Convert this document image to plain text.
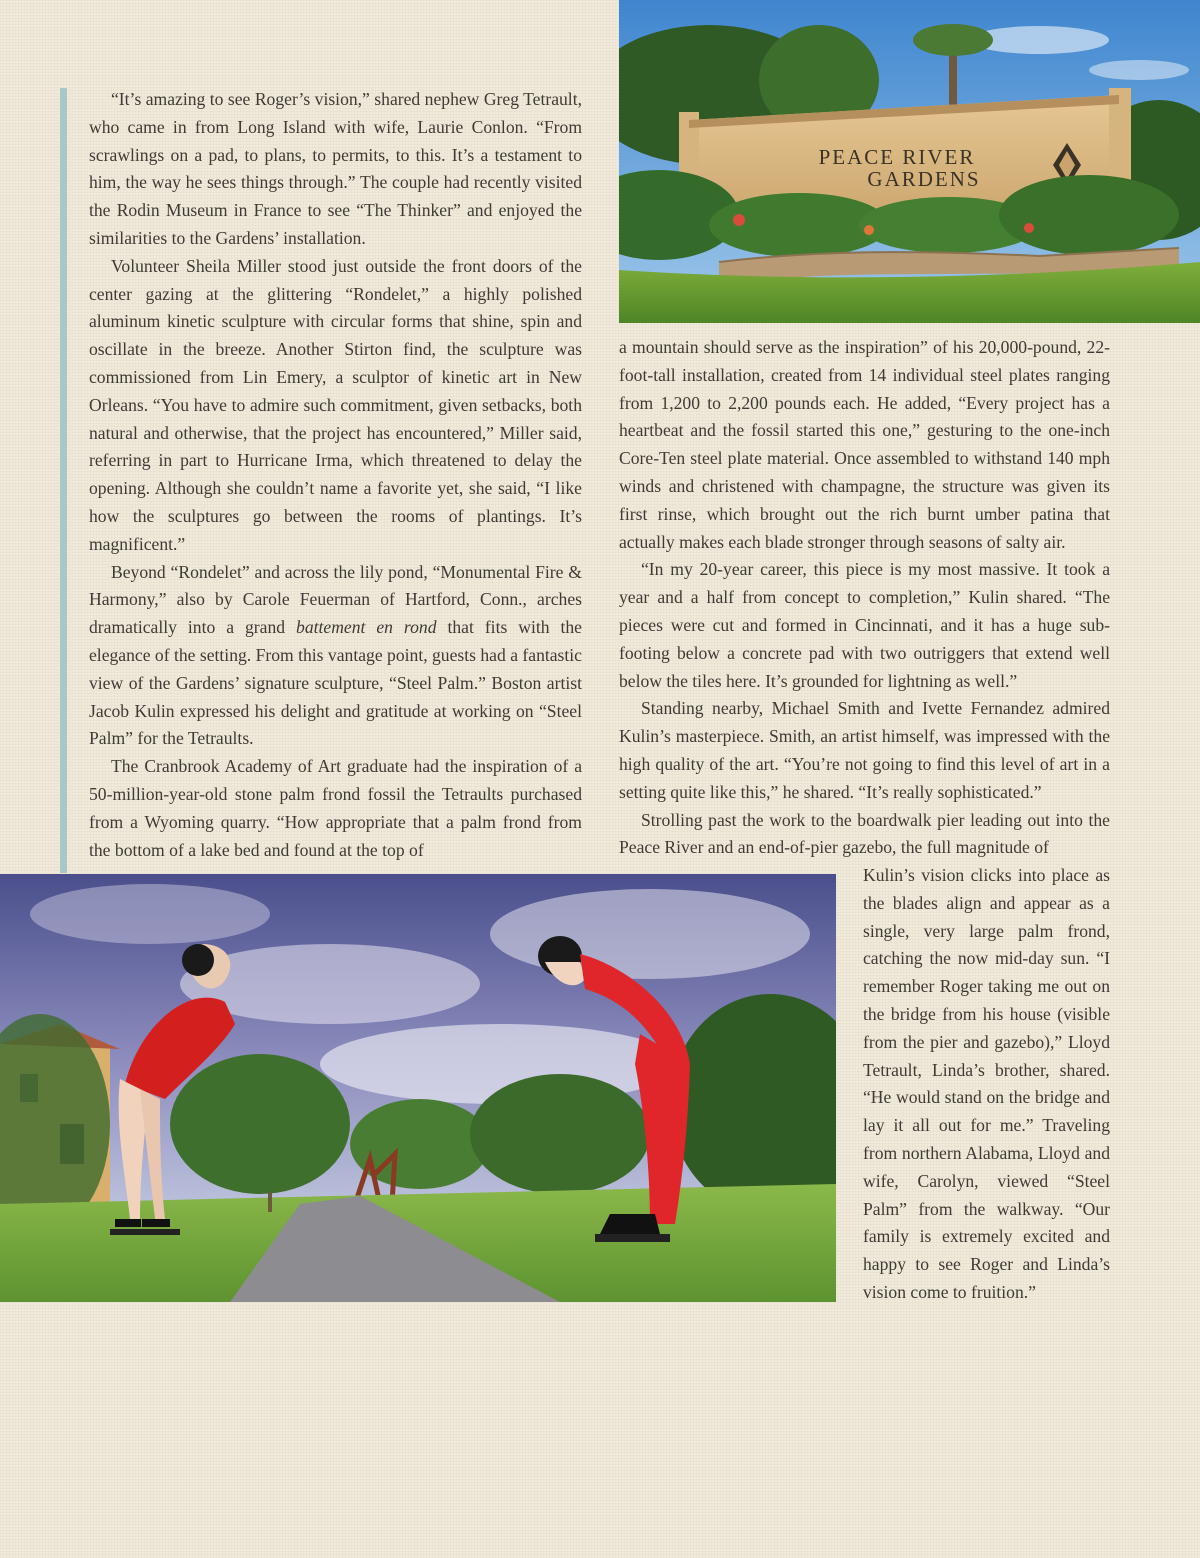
PEACE RIVER
GARDENS

“It’s amazing to see Roger’s vision,” shared nephew Greg Tetrault, who came in from Long Island with wife, Laurie Conlon. “From scrawlings on a pad, to plans, to permits, to this. It’s a testament to him, the way he sees things through.” The couple had recently visited the Rodin Museum in France to see “The Thinker” and enjoyed the similarities to the Gardens’ installation.

Volunteer Sheila Miller stood just outside the front doors of the center gazing at the glittering “Rondelet,” a highly polished aluminum kinetic sculpture with circular forms that shine, spin and oscillate in the breeze. Another Stirton find, the sculpture was commissioned from Lin Emery, a sculptor of kinetic art in New Orleans. “You have to admire such commitment, given setbacks, both natural and otherwise, that the project has encountered,” Miller said, referring in part to Hurricane Irma, which threatened to delay the opening. Although she couldn’t name a favorite yet, she said, “I like how the sculptures go between the rooms of plantings. It’s magnificent.”

Beyond “Rondelet” and across the lily pond, “Monumental Fire & Harmony,” also by Carole Feuerman of Hartford, Conn., arches dramatically into a grand battement en rond that fits with the elegance of the setting. From this vantage point, guests had a fantastic view of the Gardens’ signature sculpture, “Steel Palm.” Boston artist Jacob Kulin expressed his delight and gratitude at working on “Steel Palm” for the Tetraults.

The Cranbrook Academy of Art graduate had the inspiration of a 50-million-year-old stone palm frond fossil the Tetraults purchased from a Wyoming quarry. “How appropriate that a palm frond from the bottom of a lake bed and found at the top of

a mountain should serve as the inspiration” of his 20,000-pound, 22-foot-tall installation, created from 14 individual steel plates ranging from 1,200 to 2,200 pounds each. He added, “Every project has a heartbeat and the fossil started this one,” gesturing to the one-inch Core-Ten steel plate material. Once assembled to withstand 140 mph winds and christened with champagne, the structure was given its first rinse, which brought out the rich burnt umber patina that actually makes each blade stronger through seasons of salty air.

“In my 20-year career, this piece is my most massive. It took a year and a half from concept to completion,” Kulin shared. “The pieces were cut and formed in Cincinnati, and it has a huge sub-footing below a concrete pad with two outriggers that extend well below the tiles here. It’s grounded for lightning as well.”

Standing nearby, Michael Smith and Ivette Fernandez admired Kulin’s masterpiece. Smith, an artist himself, was impressed with the high quality of the art. “You’re not going to find this level of art in a setting quite like this,” he shared. “It’s really sophisticated.”

Strolling past the work to the boardwalk pier leading out into the Peace River and an end-of-pier gazebo, the full magnitude of

Kulin’s vision clicks into place as the blades align and appear as a single, very large palm frond, catching the now mid-day sun. “I remember Roger taking me out on the bridge from his house (visible from the pier and gazebo),” Lloyd Tetrault, Linda’s brother, shared. “He would stand on the bridge and lay it all out for me.” Traveling from northern Alabama, Lloyd and wife, Carolyn, viewed “Steel Palm” from the walkway. “Our family is extremely excited and happy to see Roger and Linda’s vision come to fruition.”
